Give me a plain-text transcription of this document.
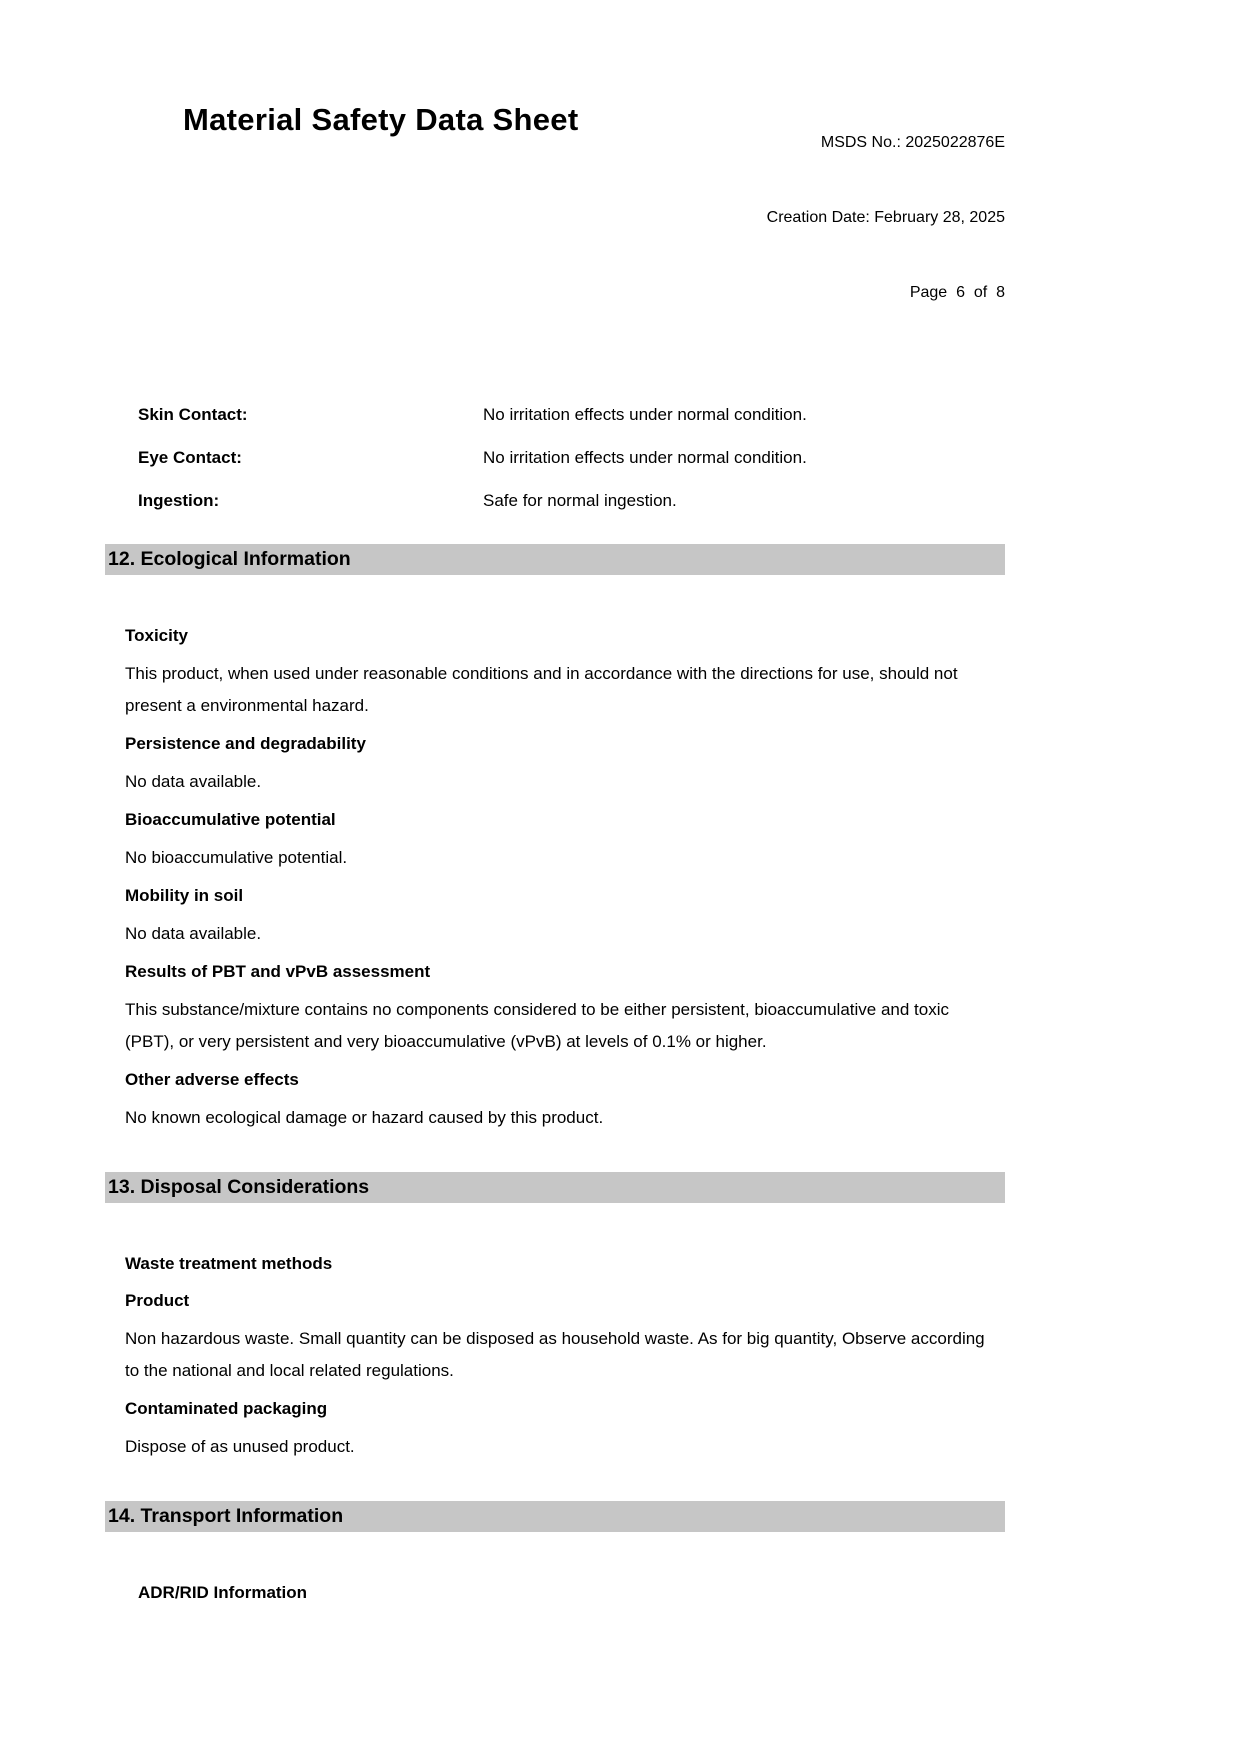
Material Safety Data Sheet

MSDS No.: 2025022876E

Creation Date: February 28, 2025

Page  6  of  8

Skin Contact:	No irritation effects under normal condition.
Eye Contact:	No irritation effects under normal condition.
Ingestion:	Safe for normal ingestion.
12. Ecological Information
Toxicity

This product, when used under reasonable conditions and in accordance with the directions for use, should not present a environmental hazard.

Persistence and degradability

No data available.

Bioaccumulative potential

No bioaccumulative potential.

Mobility in soil

No data available.

Results of PBT and vPvB assessment

This substance/mixture contains no components considered to be either persistent, bioaccumulative and toxic (PBT), or very persistent and very bioaccumulative (vPvB) at levels of 0.1% or higher.

Other adverse effects

No known ecological damage or hazard caused by this product.

13. Disposal Considerations
Waste treatment methods
Product

Non hazardous waste. Small quantity can be disposed as household waste. As for big quantity, Observe according to the national and local related regulations.

Contaminated packaging

Dispose of as unused product.

14. Transport Information
ADR/RID Information
